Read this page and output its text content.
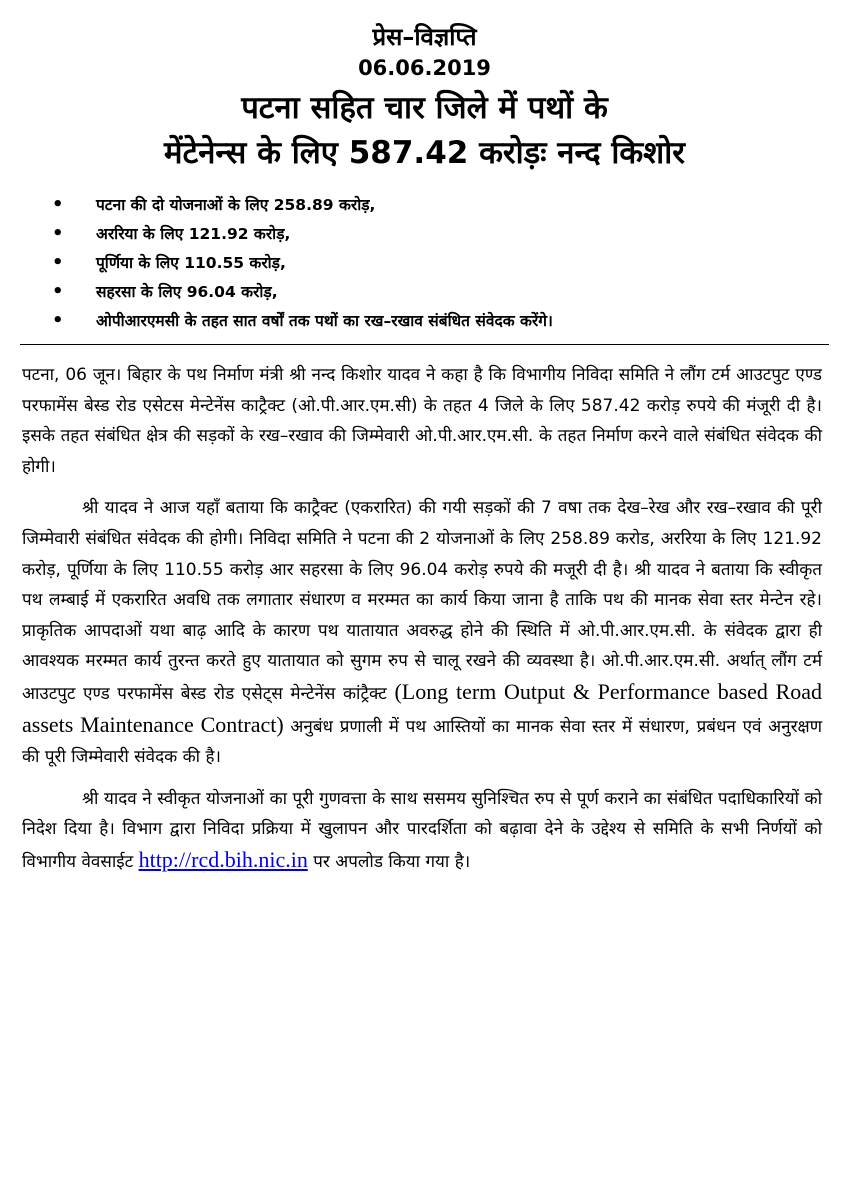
प्रेस–विज्ञप्ति
06.06.2019
पटना सहित चार जिले में पथों के
मेंटेनेन्स के लिए 587.42 करोड़ः नन्द किशोर
• पटना की दो योजनाओं के लिए 258.89 करोड़,
• अररिया के लिए 121.92 करोड़,
• पूर्णिया के लिए 110.55 करोड़,
• सहरसा के लिए 96.04 करोड़,
• ओपीआरएमसी के तहत सात वर्षों तक पथों का रख–रखाव संबंधित संवेदक करेंगे।

पटना, 06 जून। बिहार के पथ निर्माण मंत्री श्री नन्द किशोर यादव ने कहा है कि विभागीय निविदा समिति ने लौंग टर्म आउटपुट एण्ड परफामेंस बेस्ड रोड एसेटस मेन्टेनेंस काट्रैक्ट (ओ.पी.आर.एम.सी) के तहत 4 जिले के लिए 587.42 करोड़ रुपये की मंजूरी दी है। इसके तहत संबंधित क्षेत्र की सड़कों के रख–रखाव की जिम्मेवारी ओ.पी.आर.एम.सी. के तहत निर्माण करने वाले संबंधित संवेदक की होगी।

श्री यादव ने आज यहाँ बताया कि काट्रैक्ट (एकरारित) की गयी सड़कों की 7 वषा तक देख–रेख और रख–रखाव की पूरी जिम्मेवारी संबंधित संवेदक की होगी। निविदा समिति ने पटना की 2 योजनाओं के लिए 258.89 करोड, अररिया के लिए 121.92 करोड़, पूर्णिया के लिए 110.55 करोड़ आर सहरसा के लिए 96.04 करोड़ रुपये की मजूरी दी है। श्री यादव ने बताया कि स्वीकृत पथ लम्बाई में एकरारित अवधि तक लगातार संधारण व मरम्मत का कार्य किया जाना है ताकि पथ की मानक सेवा स्तर मेन्टेन रहे। प्राकृतिक आपदाओं यथा बाढ़ आदि के कारण पथ यातायात अवरुद्ध होने की स्थिति में ओ.पी.आर.एम.सी. के संवेदक द्वारा ही आवश्यक मरम्मत कार्य तुरन्त करते हुए यातायात को सुगम रुप से चालू रखने की व्यवस्था है। ओ.पी.आर.एम.सी. अर्थात् लौंग टर्म आउटपुट एण्ड परफामेंस बेस्ड रोड एसेट्स मेन्टेनेंस कांट्रैक्ट (Long term Output & Performance based Road assets Maintenance Contract) अनुबंध प्रणाली में पथ आस्तियों का मानक सेवा स्तर में संधारण, प्रबंधन एवं अनुरक्षण की पूरी जिम्मेवारी संवेदक की है।

श्री यादव ने स्वीकृत योजनाओं का पूरी गुणवत्ता के साथ ससमय सुनिश्चित रुप से पूर्ण कराने का संबंधित पदाधिकारियों को निदेश दिया है। विभाग द्वारा निविदा प्रक्रिया में खुलापन और पारदर्शिता को बढ़ावा देने के उद्देश्य से समिति के सभी निर्णयों को विभागीय वेवसाईट http://rcd.bih.nic.in पर अपलोड किया गया है।
